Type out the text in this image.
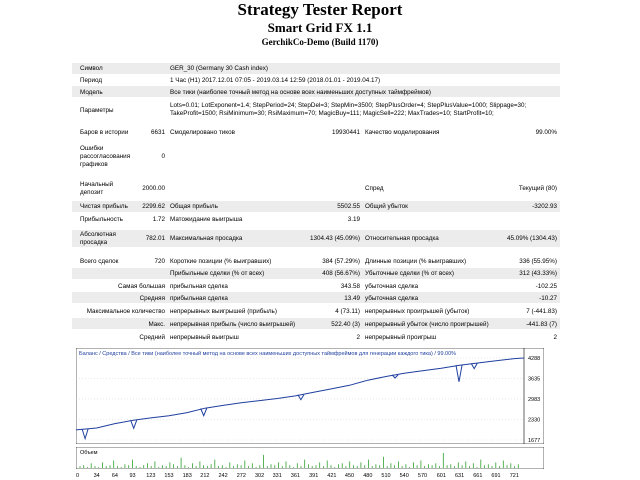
Strategy Tester Report
Smart Grid FX 1.1
GerchikCo-Demo (Build 1170)
Символ	GER_30 (Germany 30 Cash index)
Период	1 Час (H1) 2017.12.01 07:05 - 2019.03.14 12:59 (2018.01.01 - 2019.04.17)
Модель	Все тики (наиболее точный метод на основе всех наименьших доступных таймфреймов)
Параметры
Lots=0.01; LotExponent=1.4; StepPeriod=24; StepDel=3; StepMin=3500; StepPlusOrder=4; StepPlusValue=1000; Slippage=30;
TakeProfit=1500; RsiMinimum=30; RsiMaximum=70; MagicBuy=111; MagicSell=222; MaxTrades=10; StartProfit=10;
Баров в истории	6631 Смоделировано тиков	19930441 Качество моделирования	99.00%
Ошибки
рассогласования
графиков
0
Начальный
депозит
2000.00	Спред	Текущий (80)
Чистая прибыль	2299.62 Общая прибыль	5502.55 Общий убыток	-3202.93
Прибыльность	1.72 Матожидание выигрыша	3.19
Абсолютная
просадка
782.01 Максимальная просадка	1304.43 (45.09%) Относительная просадка	45.09% (1304.43)
Всего сделок	720 Короткие позиции (% выигравших)	384 (57.29%) Длинные позиции (% выигравших)	336 (55.95%)
Прибыльные сделки (% от всех)	408 (56.67%) Убыточные сделки (% от всех)	312 (43.33%)
Самая большая прибыльная сделка	343.58 убыточная сделка	-102.25
Средняя прибыльная сделка	13.49 убыточная сделка	-10.27
Максимальное количество непрерывных выигрышей (прибыль)	4 (73.11) непрерывных проигрышей (убыток)	7 (-441.83)
Макс. непрерывная прибыль (число выигрышей)	522.40 (3) непрерывный убыток (число проигрышей)	-441.83 (7)
Средний непрерывный выигрыш	2 непрерывный проигрыш	2
Баланс / Средства / Все тики (наиболее точный метод на основе всех наименьших доступных таймфреймов для генерации каждого тика) / 99.00%
4288
3635
2983
2330
1677
Объем
0	34 64 93 123 153 183 212 242 272 302 331 361 391 421 450 480 510 540 570 601 631 661 691 721
